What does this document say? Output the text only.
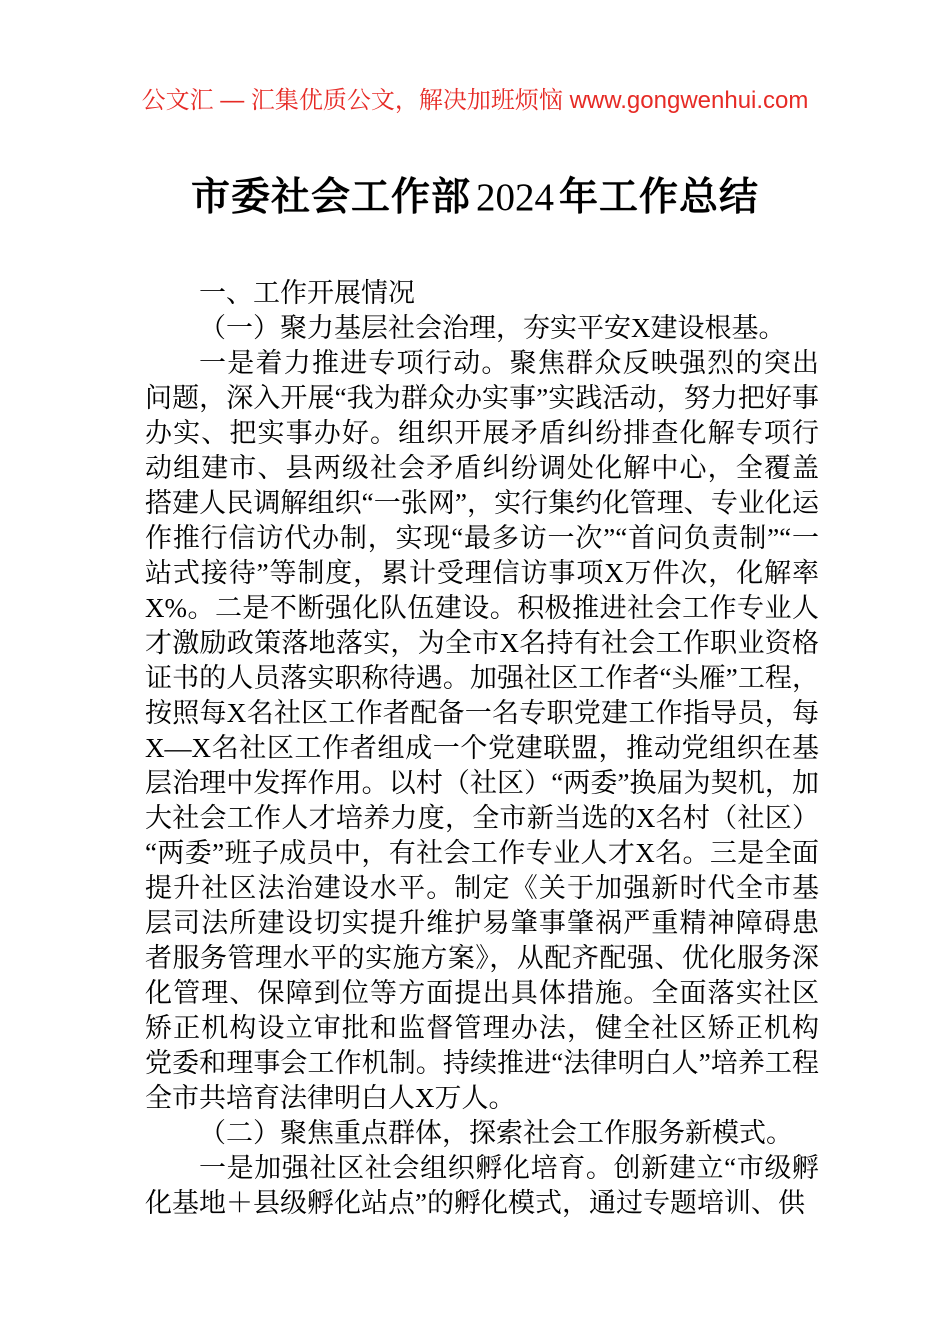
公文汇 — 汇集优质公文，解决加班烦恼 www.gongwenhui.com
市委社会工作部 2024 年工作总结

一、工作开展情况

（一）聚力基层社会治理，夯实平安X建设根基。

一是着力推进专项行动。聚焦群众反映强烈的突出问题，深入开展“我为群众办实事”实践活动，努力把好事办实、把实事办好。组织开展矛盾纠纷排查化解专项行动组建市、县两级社会矛盾纠纷调处化解中心，全覆盖搭建人民调解组织“一张网”，实行集约化管理、专业化运作推行信访代办制，实现“最多访一次”“首问负责制”“一站式接待”等制度，累计受理信访事项X万件次，化解率X%。二是不断强化队伍建设。积极推进社会工作专业人才激励政策落地落实，为全市X名持有社会工作职业资格证书的人员落实职称待遇。加强社区工作者“头雁”工程，按照每X名社区工作者配备一名专职党建工作指导员，每X—X名社区工作者组成一个党建联盟，推动党组织在基层治理中发挥作用。以村（社区）“两委”换届为契机，加大社会工作人才培养力度，全市新当选的X名村（社区）“两委”班子成员中，有社会工作专业人才X名。三是全面提升社区法治建设水平。制定《关于加强新时代全市基层司法所建设切实提升维护易肇事肇祸严重精神障碍患者服务管理水平的实施方案》，从配齐配强、优化服务深化管理、保障到位等方面提出具体措施。全面落实社区矫正机构设立审批和监督管理办法，健全社区矫正机构党委和理事会工作机制。持续推进“法律明白人”培养工程全市共培育法律明白人X万人。

（二）聚焦重点群体，探索社会工作服务新模式。

一是加强社区社会组织孵化培育。创新建立“市级孵化基地＋县级孵化站点”的孵化模式，通过专题培训、供
